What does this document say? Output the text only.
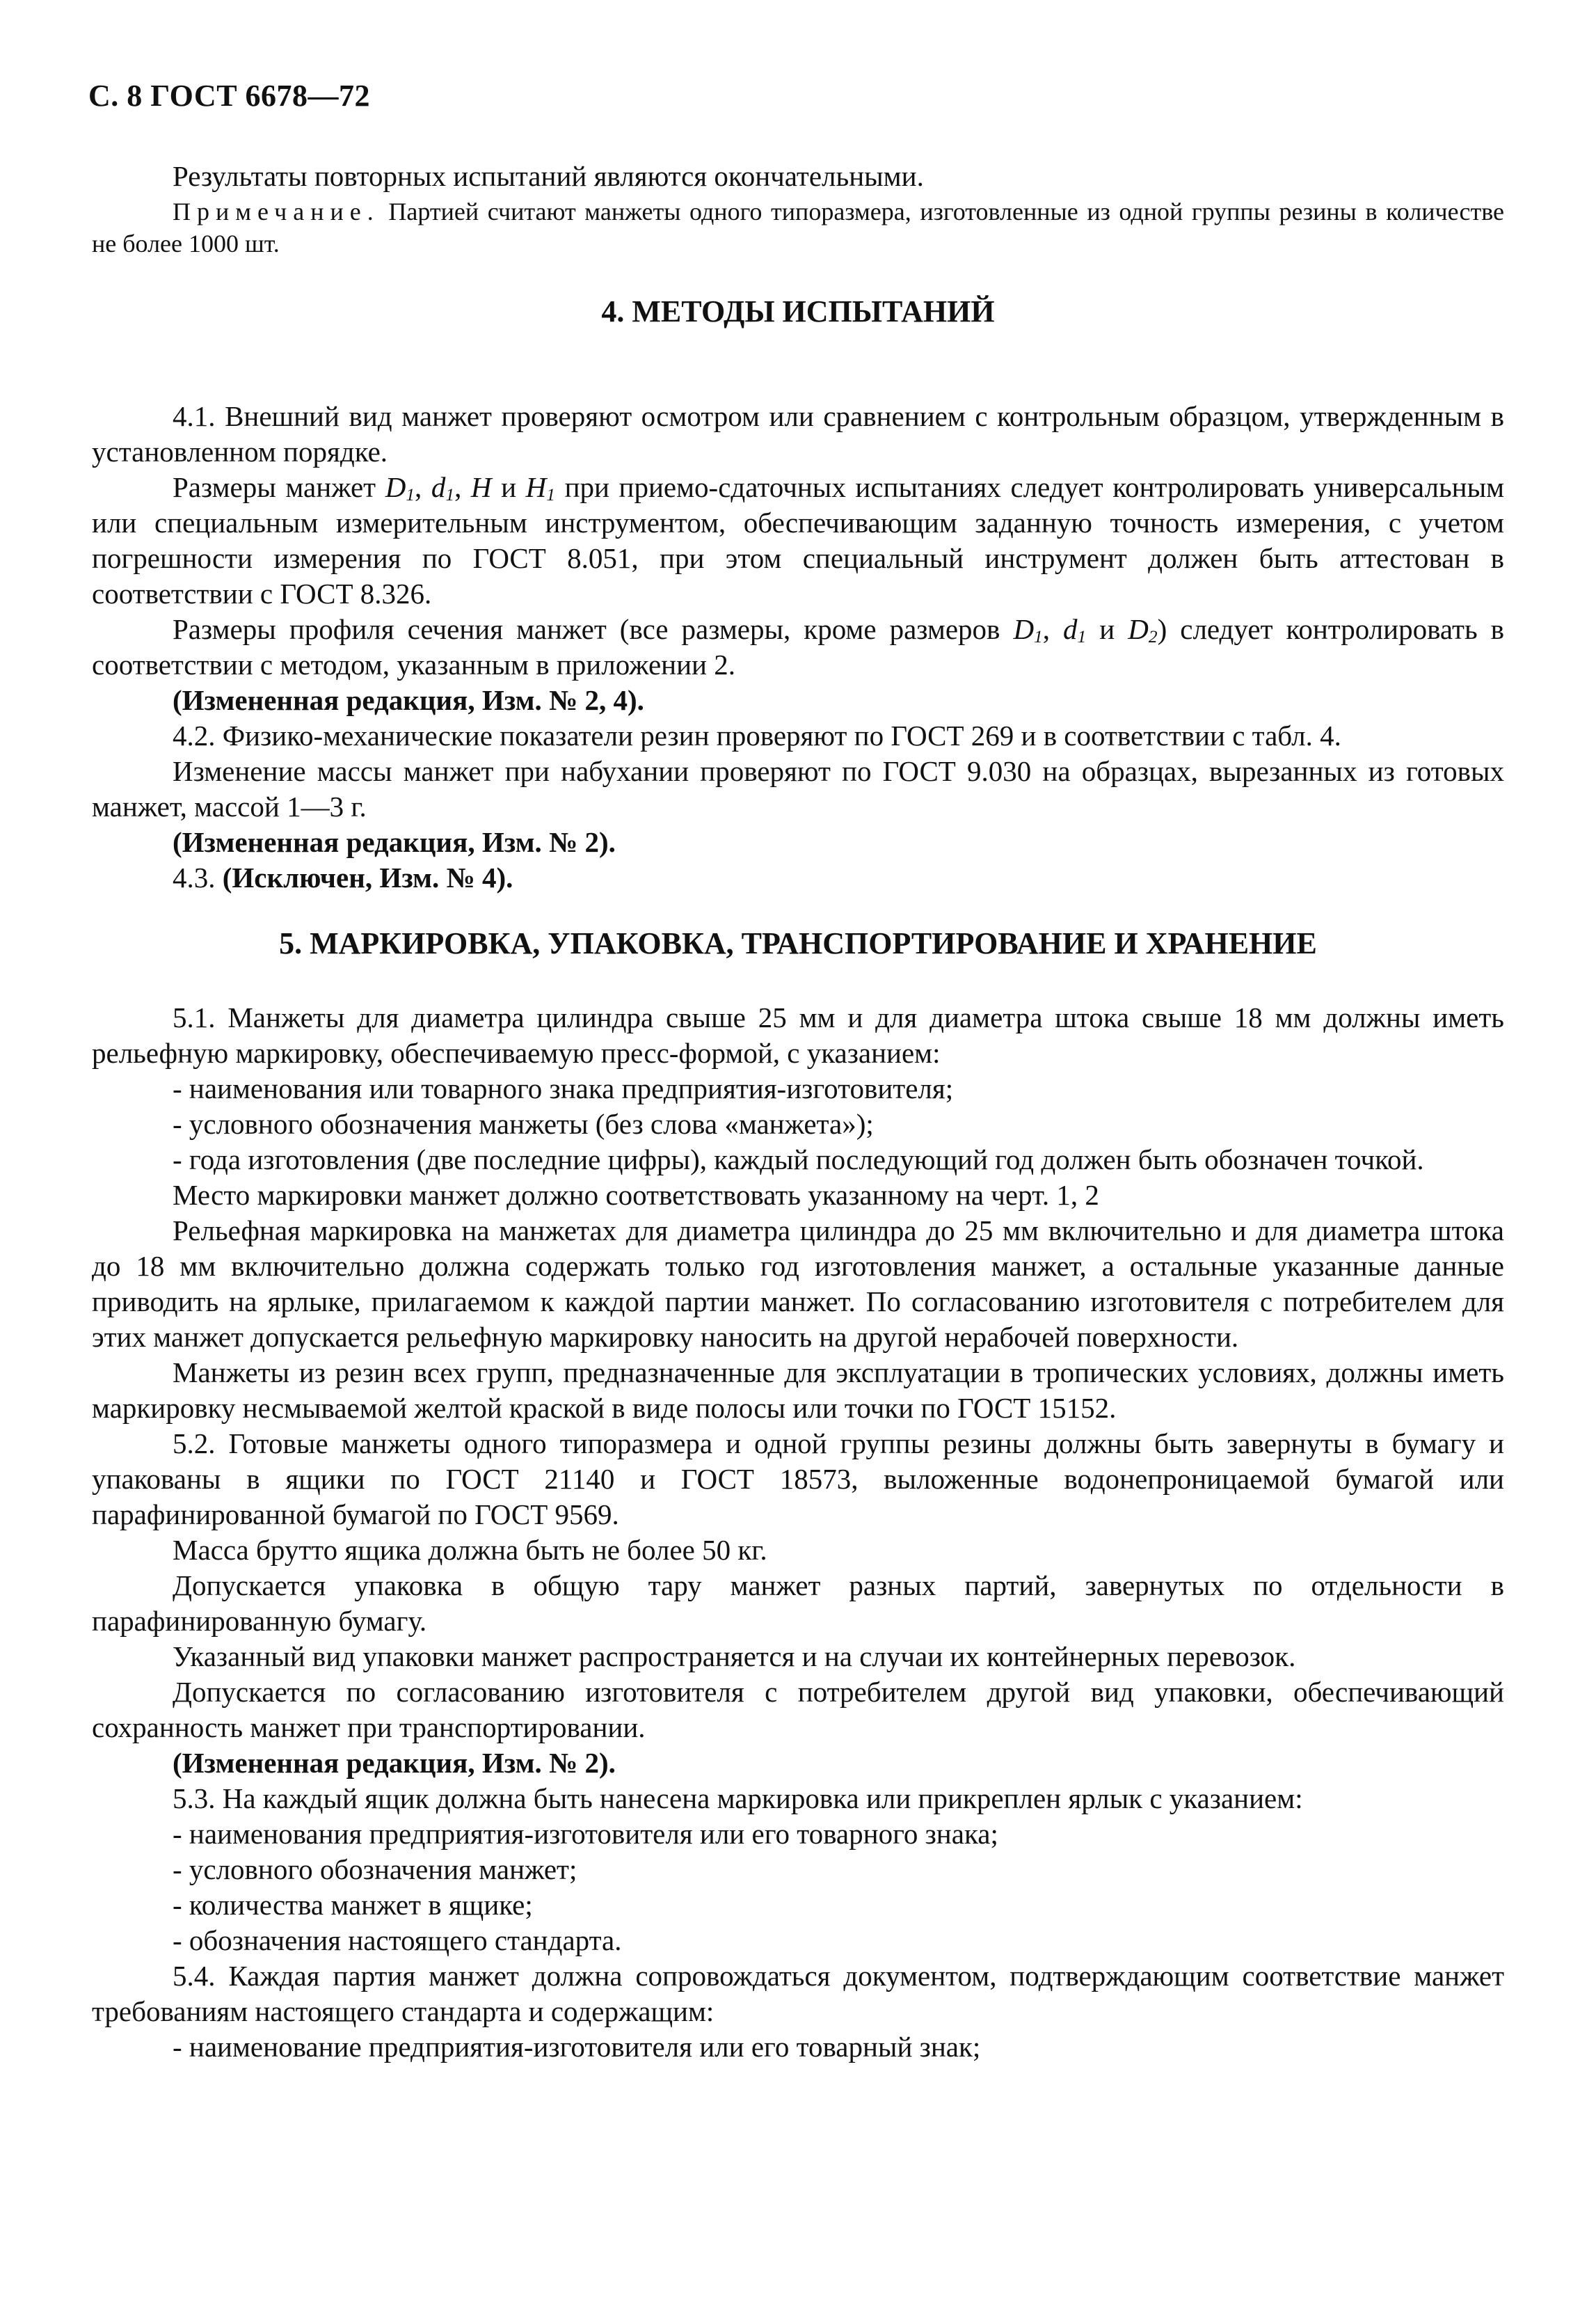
С. 8 ГОСТ 6678—72

Результаты повторных испытаний являются окончательными.

Примечание. Партией считают манжеты одного типоразмера, изготовленные из одной группы резины в количестве не более 1000 шт.

4. МЕТОДЫ ИСПЫТАНИЙ

4.1. Внешний вид манжет проверяют осмотром или сравнением с контрольным образцом, утвержденным в установленном порядке.

Размеры манжет $D_1$, $d_1$, H и $H_1$ при приемо-сдаточных испытаниях следует контролировать универсальным или специальным измерительным инструментом, обеспечивающим заданную точность измерения, с учетом погрешности измерения по ГОСТ 8.051, при этом специальный инструмент должен быть аттестован в соответствии с ГОСТ 8.326.

Размеры профиля сечения манжет (все размеры, кроме размеров $D_1$, $d_1$ и $D_2$) следует контролировать в соответствии с методом, указанным в приложении 2.

(Измененная редакция, Изм. № 2, 4).

4.2. Физико-механические показатели резин проверяют по ГОСТ 269 и в соответствии с табл. 4.

Изменение массы манжет при набухании проверяют по ГОСТ 9.030 на образцах, вырезанных из готовых манжет, массой 1—3 г.

(Измененная редакция, Изм. № 2).

4.3. (Исключен, Изм. № 4).

5. МАРКИРОВКА, УПАКОВКА, ТРАНСПОРТИРОВАНИЕ И ХРАНЕНИЕ

5.1. Манжеты для диаметра цилиндра свыше 25 мм и для диаметра штока свыше 18 мм должны иметь рельефную маркировку, обеспечиваемую пресс-формой, с указанием:

- наименования или товарного знака предприятия-изготовителя;

- условного обозначения манжеты (без слова «манжета»);

- года изготовления (две последние цифры), каждый последующий год должен быть обозначен точкой.

Место маркировки манжет должно соответствовать указанному на черт. 1, 2

Рельефная маркировка на манжетах для диаметра цилиндра до 25 мм включительно и для диаметра штока до 18 мм включительно должна содержать только год изготовления манжет, а остальные указанные данные приводить на ярлыке, прилагаемом к каждой партии манжет. По согласованию изготовителя с потребителем для этих манжет допускается рельефную маркировку наносить на другой нерабочей поверхности.

Манжеты из резин всех групп, предназначенные для эксплуатации в тропических условиях, должны иметь маркировку несмываемой желтой краской в виде полосы или точки по ГОСТ 15152.

5.2. Готовые манжеты одного типоразмера и одной группы резины должны быть завернуты в бумагу и упакованы в ящики по ГОСТ 21140 и ГОСТ 18573, выложенные водонепроницаемой бумагой или парафинированной бумагой по ГОСТ 9569.

Масса брутто ящика должна быть не более 50 кг.

Допускается упаковка в общую тару манжет разных партий, завернутых по отдельности в парафинированную бумагу.

Указанный вид упаковки манжет распространяется и на случаи их контейнерных перевозок.

Допускается по согласованию изготовителя с потребителем другой вид упаковки, обеспечивающий сохранность манжет при транспортировании.

(Измененная редакция, Изм. № 2).

5.3. На каждый ящик должна быть нанесена маркировка или прикреплен ярлык с указанием:

- наименования предприятия-изготовителя или его товарного знака;

- условного обозначения манжет;

- количества манжет в ящике;

- обозначения настоящего стандарта.

5.4. Каждая партия манжет должна сопровождаться документом, подтверждающим соответствие манжет требованиям настоящего стандарта и содержащим:

- наименование предприятия-изготовителя или его товарный знак;
